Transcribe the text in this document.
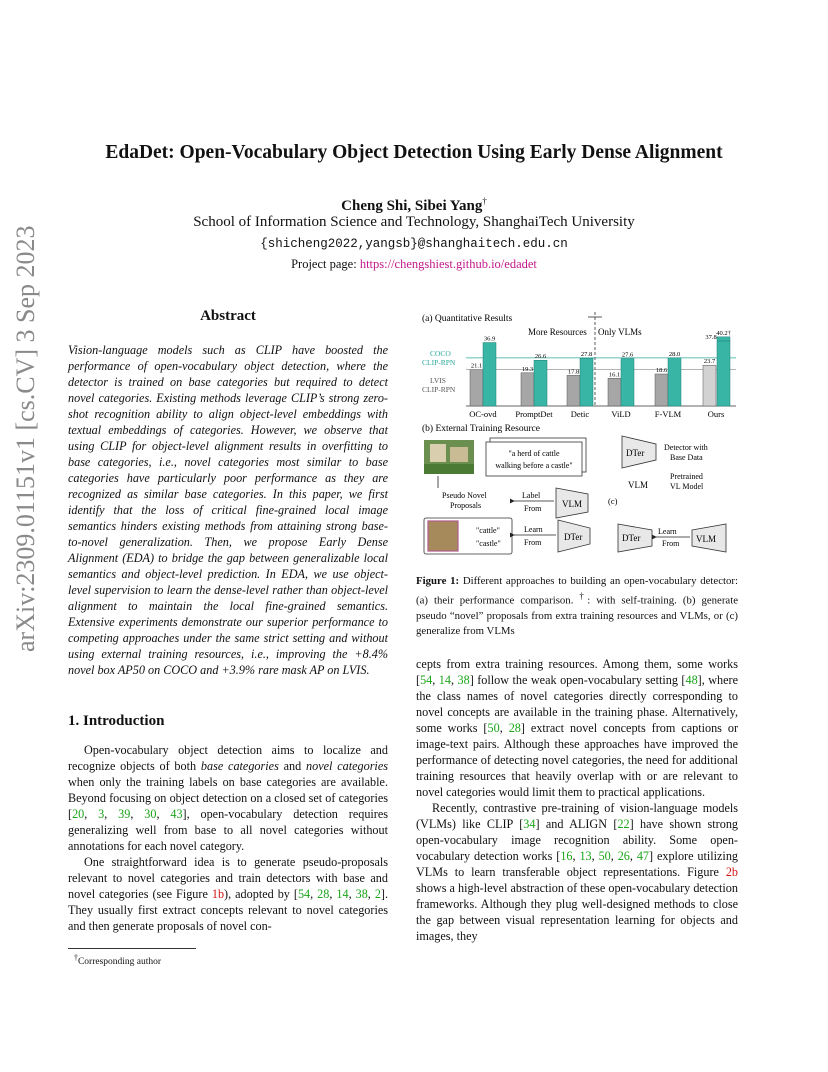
EdaDet: Open-Vocabulary Object Detection Using Early Dense Alignment
Cheng Shi, Sibei Yang†
School of Information Science and Technology, ShanghaiTech University
{shicheng2022,yangsb}@shanghaitech.edu.cn
Project page: https://chengshiest.github.io/edadet
arXiv:2309.01151v1 [cs.CV] 3 Sep 2023	Abstract
Vision-language models such as CLIP have boosted the performance of open-vocabulary object detection, where the detector is trained on base categories but required to detect novel categories. Existing methods leverage CLIP’s strong zero-shot recognition ability to align object-level embeddings with textual embeddings of categories. However, we observe that using CLIP for object-level alignment results in overfitting to base categories, i.e., novel categories most similar to base categories have particularly poor performance as they are recognized as similar base categories. In this paper, we first identify that the loss of critical fine-grained local image semantics hinders existing methods from attaining strong base-to-novel generalization. Then, we propose Early Dense Alignment (EDA) to bridge the gap between generalizable local semantics and object-level prediction. In EDA, we use object-level supervision to learn the dense-level rather than object-level alignment to maintain the local fine-grained semantics. Extensive experiments demonstrate our superior performance to competing approaches under the same strict setting and without using external training resources, i.e., improving the +8.4% novel box AP50 on COCO and +3.9% rare mask AP on LVIS.
1. Introduction

Open-vocabulary object detection aims to localize and recognize objects of both base categories and novel categories when only the training labels on base categories are available. Beyond focusing on object detection on a closed set of categories [20, 3, 39, 30, 43], open-vocabulary detection requires generalizing well from base to all novel categories without annotations for each novel category.

One straightforward idea is to generate pseudo-proposals relevant to novel categories and train detectors with base and novel categories (see Figure 1b), adopted by [54, 28, 14, 38, 2]. They usually first extract concepts relevant to novel categories and then generate proposals of novel con-

†Corresponding author
(a) Quantitative Results
More Resources Only VLMs
COCO
CLIP-RPN
LVIS
CLIP-RPN
21.1
36.9
OC-ovd
19.3
26.6
PromptDet
17.8
27.8
Detic
16.1
27.6
ViLD
18.6
28.0
F-VLM
23.7
37.8
40.2†
Ours
(b) External Training Resource
"a herd of cattle
walking before a castle"
Pseudo Novel
Proposals
Label
From VLM	(c)
"cattle"
"castle"
Learn
From
DTer
DTer
Detector with
Base Data
VLM
Pretrained
VL Model
DTer
Learn
From VLM
Figure 1: Different approaches to building an open-vocabulary detector: (a) their performance comparison. †: with self-training. (b) generate pseudo “novel” proposals from extra training resources and VLMs, or (c) generalize from VLMs

cepts from extra training resources. Among them, some works [54, 14, 38] follow the weak open-vocabulary setting [48], where the class names of novel categories directly corresponding to novel concepts are available in the training phase. Alternatively, some works [50, 28] extract novel concepts from captions or image-text pairs. Although these approaches have improved the performance of detecting novel categories, the need for additional training resources that heavily overlap with or are relevant to novel categories would limit them to practical applications.

Recently, contrastive pre-training of vision-language models (VLMs) like CLIP [34] and ALIGN [22] have shown strong open-vocabulary image recognition ability. Some open-vocabulary detection works [16, 13, 50, 26, 47] explore utilizing VLMs to learn transferable object representations. Figure 2b shows a high-level abstraction of these open-vocabulary detection frameworks. Although they plug well-designed methods to close the gap between visual representation learning for objects and images, they
